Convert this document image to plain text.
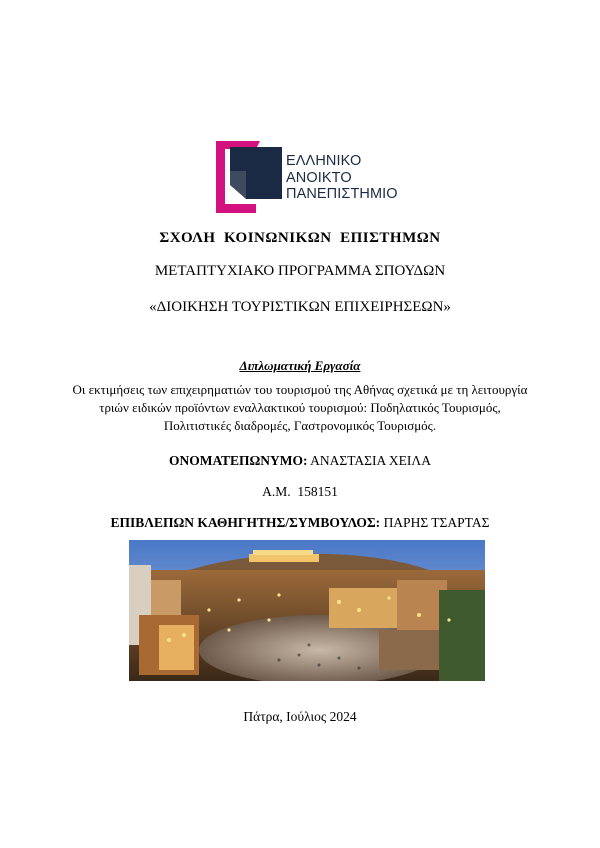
ΕΛΛΗΝΙΚΟ
ΑΝΟΙΚΤΟ
ΠΑΝΕΠΙΣΤΗΜΙΟ
ΣΧΟΛΗ  ΚΟΙΝΩΝΙΚΩΝ  ΕΠΙΣΤΗΜΩΝ
ΜΕΤΑΠΤΥΧΙΑΚΟ ΠΡΟΓΡΑΜΜΑ ΣΠΟΥΔΩΝ
«ΔΙΟΙΚΗΣΗ ΤΟΥΡΙΣΤΙΚΩΝ ΕΠΙΧΕΙΡΗΣΕΩΝ»
Διπλωματική Εργασία
Οι εκτιμήσεις των επιχειρηματιών του τουρισμού της Αθήνας σχετικά με τη λειτουργία τριών ειδικών προϊόντων εναλλακτικού τουρισμού: Ποδηλατικός Τουρισμός, Πολιτιστικές διαδρομές, Γαστρονομικός Τουρισμός.
ΟΝΟΜΑΤΕΠΩΝΥΜΟ: ΑΝΑΣΤΑΣΙΑ ΧΕΙΛΑ
Α.Μ.  158151
ΕΠΙΒΛΕΠΩΝ ΚΑΘΗΓΗΤΗΣ/ΣΥΜΒΟΥΛΟΣ: ΠΑΡΗΣ ΤΣΑΡΤΑΣ
Πάτρα, Ιούλιος 2024
